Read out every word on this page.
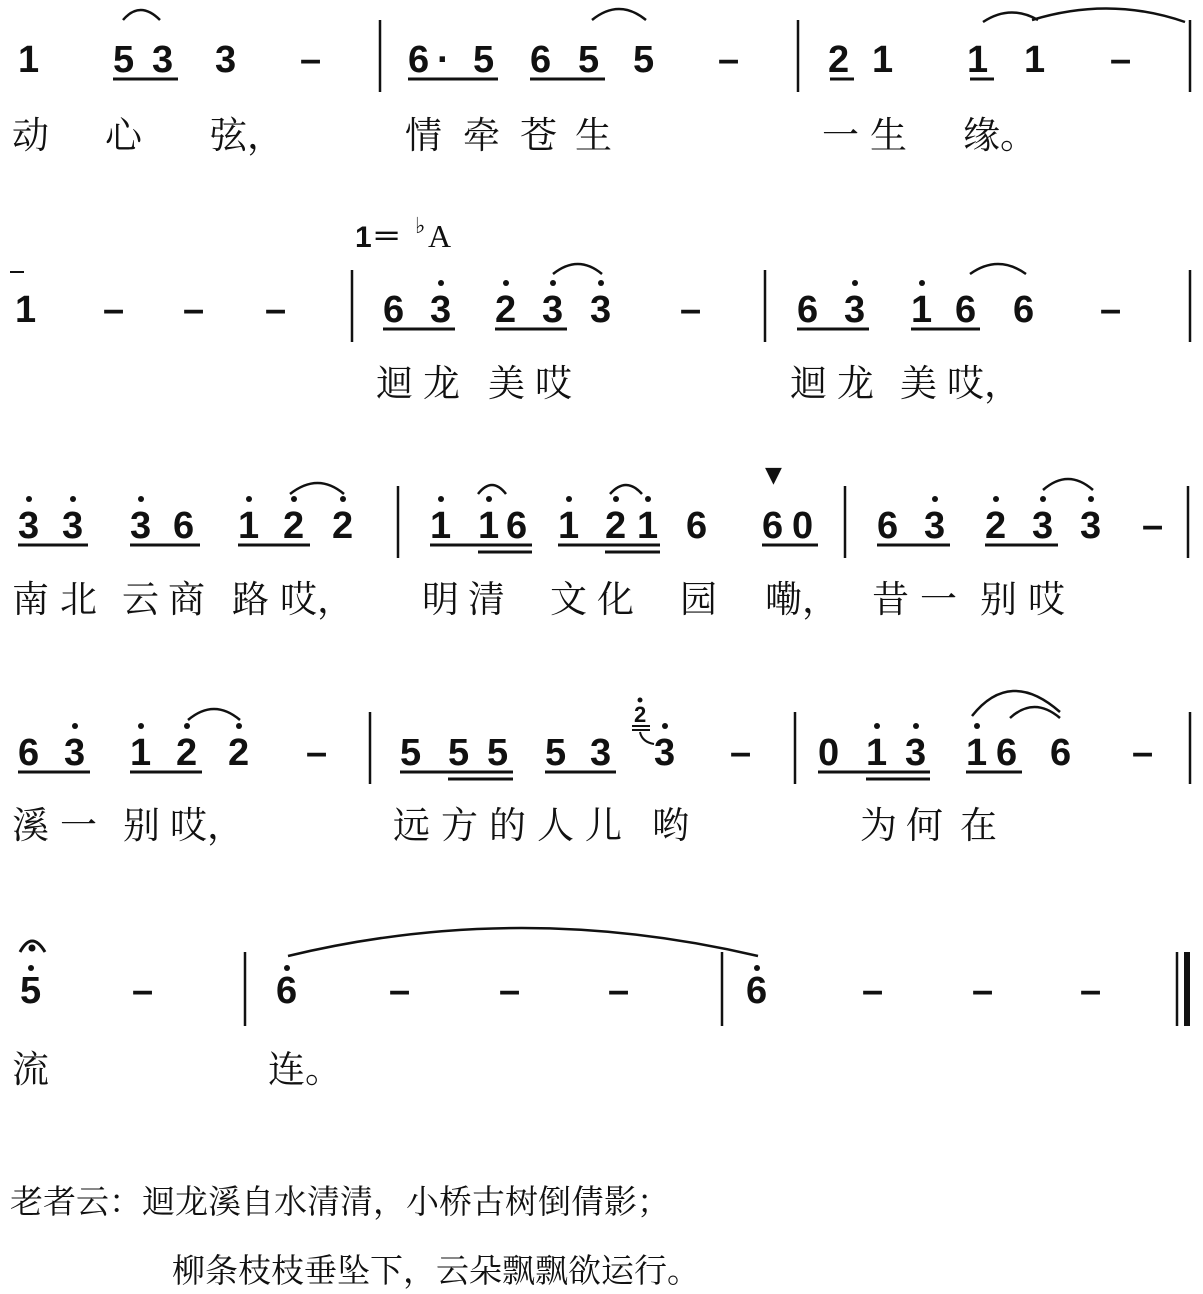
1 5 3 3 – 6 · 5 6 5 5 – 2 1 1 1 –
动 心 弦，	情 牵 苍 生	一 生 缘。
1＝ ♭ A
1 – – –	6 3 2 3 3 –	6 3 1 6 6 –
迴 龙 美 哎	迴 龙 美 哎，
3 3 3 6 1 2 2 1 1 6 1 2 1 6 6 0
▼
6 3 2 3 3 –
南 北 云 商 路 哎， 明 清 文 化 园 嘞， 昔 一 别 哎
6 3 1 2 2 – 5 5 5 5 3
2
3 – 0 1 3 1 6 6 –
溪 一 别 哎，	远 方 的 人 儿 哟	为 何 在
5 –	6 – – –	6 – – –
流	连。
老者云：迴龙溪自水清清，小桥古树倒倩影；
柳条枝枝垂坠下，云朵飘飘欲运行。
